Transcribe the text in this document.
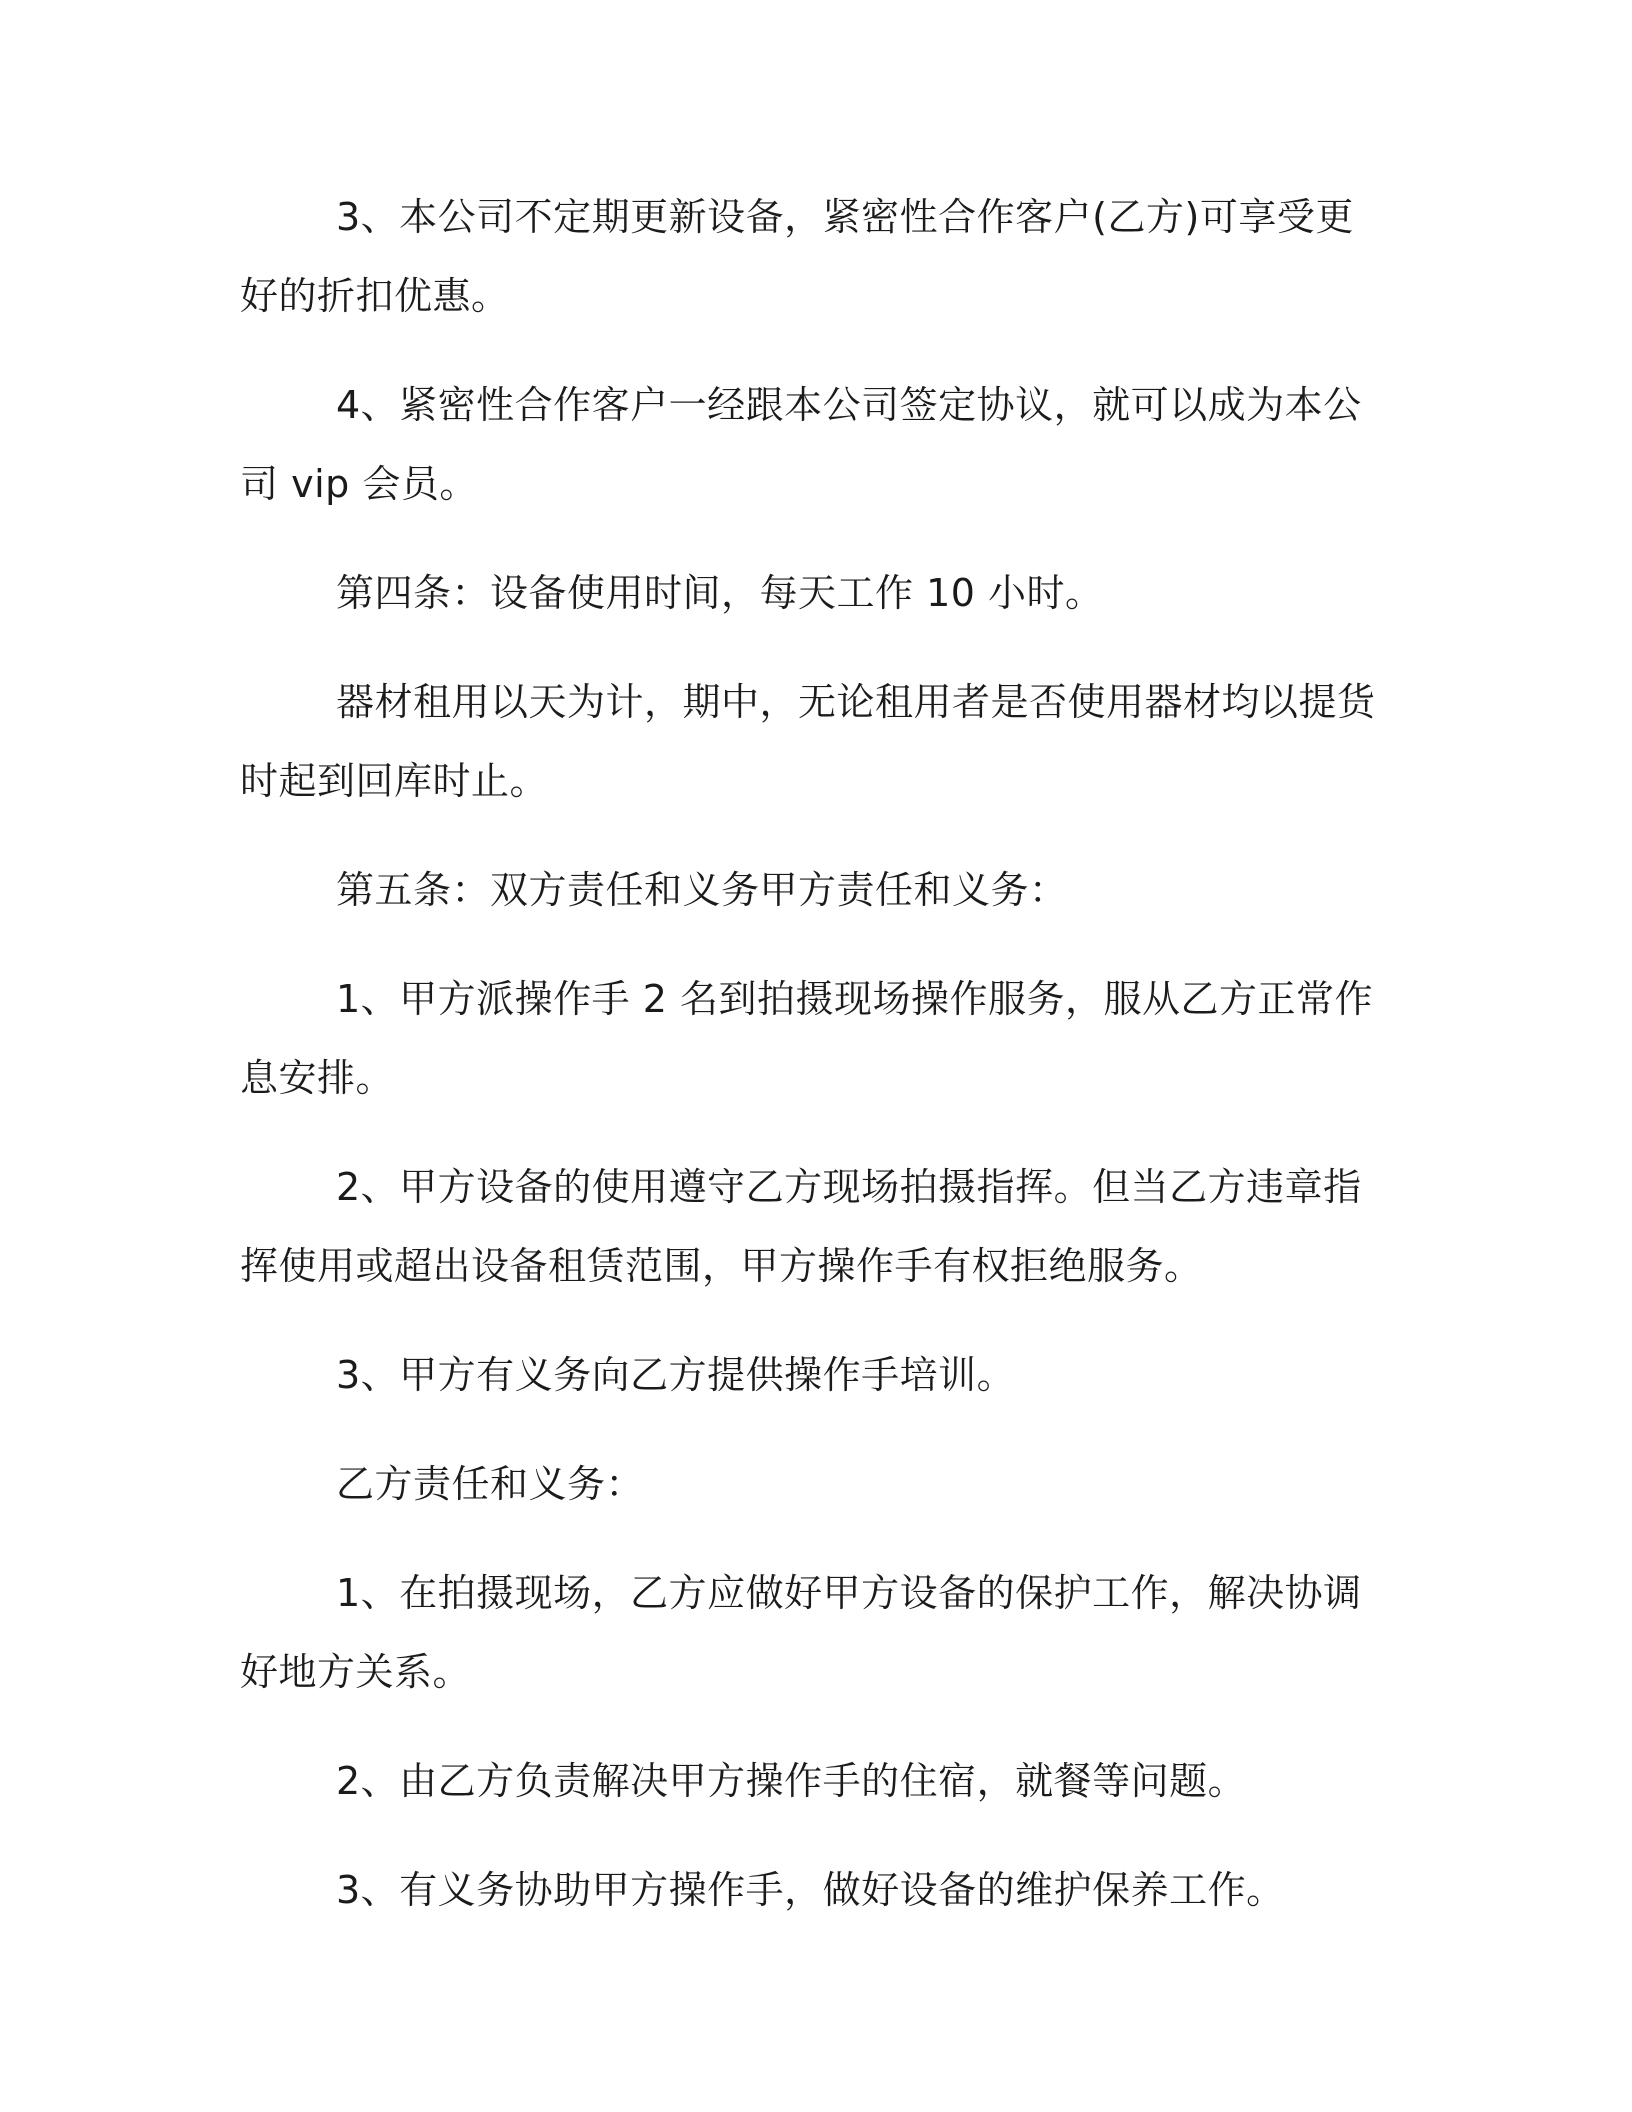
3、本公司不定期更新设备，紧密性合作客户(乙方)可享受更好的折扣优惠。

4、紧密性合作客户一经跟本公司签定协议，就可以成为本公司 vip 会员。

第四条：设备使用时间，每天工作 10 小时。

器材租用以天为计，期中，无论租用者是否使用器材均以提货时起到回库时止。

第五条：双方责任和义务甲方责任和义务：

1、甲方派操作手 2 名到拍摄现场操作服务，服从乙方正常作息安排。

2、甲方设备的使用遵守乙方现场拍摄指挥。但当乙方违章指挥使用或超出设备租赁范围，甲方操作手有权拒绝服务。

3、甲方有义务向乙方提供操作手培训。

乙方责任和义务：

1、在拍摄现场，乙方应做好甲方设备的保护工作，解决协调好地方关系。

2、由乙方负责解决甲方操作手的住宿，就餐等问题。

3、有义务协助甲方操作手，做好设备的维护保养工作。
